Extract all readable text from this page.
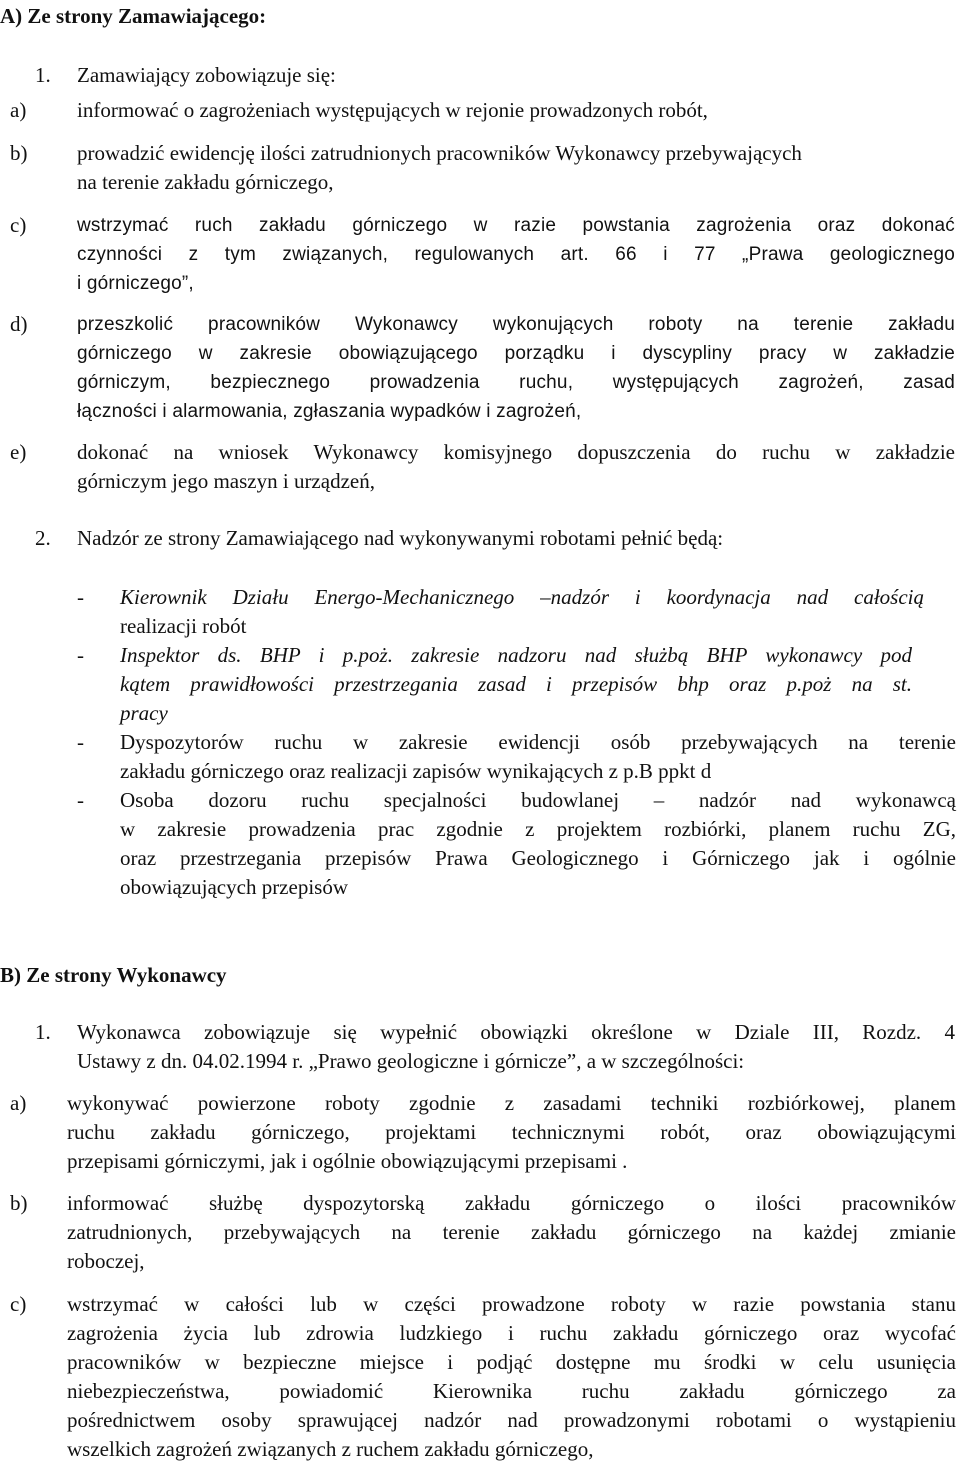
A) Ze strony Zamawiającego:
1. Zamawiający zobowiązuje się:
a) informować o zagrożeniach występujących w rejonie prowadzonych robót,
b) prowadzić ewidencję ilości zatrudnionych pracowników Wykonawcy przebywających
na terenie zakładu górniczego,
c)	wstrzymać ruch zakładu górniczego w razie powstania zagrożenia oraz dokonać
czynności z tym związanych, regulowanych art. 66 i 77 „Prawa geologicznego
i górniczego”,
d)	przeszkolić pracowników Wykonawcy wykonujących roboty na terenie zakładu
górniczego w zakresie obowiązującego porządku i dyscypliny pracy w zakładzie
górniczym, bezpiecznego prowadzenia ruchu, występujących zagrożeń, zasad
łączności i alarmowania, zgłaszania wypadków i zagrożeń,
e) dokonać na wniosek Wykonawcy komisyjnego dopuszczenia do ruchu w zakładzie
górniczym jego maszyn i urządzeń,
2. Nadzór ze strony Zamawiającego nad wykonywanymi robotami pełnić będą:
- Kierownik Działu Energo-Mechanicznego –nadzór i koordynacja nad całością
realizacji robót
- Inspektor ds. BHP i p.poż. zakresie nadzoru nad służbą BHP wykonawcy pod
kątem prawidłowości przestrzegania zasad i przepisów bhp oraz p.poż na st.
pracy
- Dyspozytorów ruchu w zakresie ewidencji osób przebywających na terenie
zakładu górniczego oraz realizacji zapisów wynikających z p.B ppkt d
- Osoba dozoru ruchu specjalności budowlanej – nadzór nad wykonawcą
w zakresie prowadzenia prac zgodnie z projektem rozbiórki, planem ruchu ZG,
oraz przestrzegania przepisów Prawa Geologicznego i Górniczego jak i ogólnie
obowiązujących przepisów
B) Ze strony Wykonawcy
1. Wykonawca zobowiązuje się wypełnić obowiązki określone w Dziale III, Rozdz. 4
Ustawy z dn. 04.02.1994 r. „Prawo geologiczne i górnicze”, a w szczególności:
a) wykonywać powierzone roboty zgodnie z zasadami techniki rozbiórkowej, planem
ruchu zakładu górniczego, projektami technicznymi robót, oraz obowiązującymi
przepisami górniczymi, jak i ogólnie obowiązującymi przepisami .
b) informować służbę dyspozytorską zakładu górniczego o ilości pracowników
zatrudnionych, przebywających na terenie zakładu górniczego na każdej zmianie
roboczej,
c) wstrzymać w całości lub w części prowadzone roboty w razie powstania stanu
zagrożenia życia lub zdrowia ludzkiego i ruchu zakładu górniczego oraz wycofać
pracowników w bezpieczne miejsce i podjąć dostępne mu środki w celu usunięcia
niebezpieczeństwa, powiadomić Kierownika ruchu zakładu górniczego za
pośrednictwem osoby sprawującej nadzór nad prowadzonymi robotami o wystąpieniu
wszelkich zagrożeń związanych z ruchem zakładu górniczego,
